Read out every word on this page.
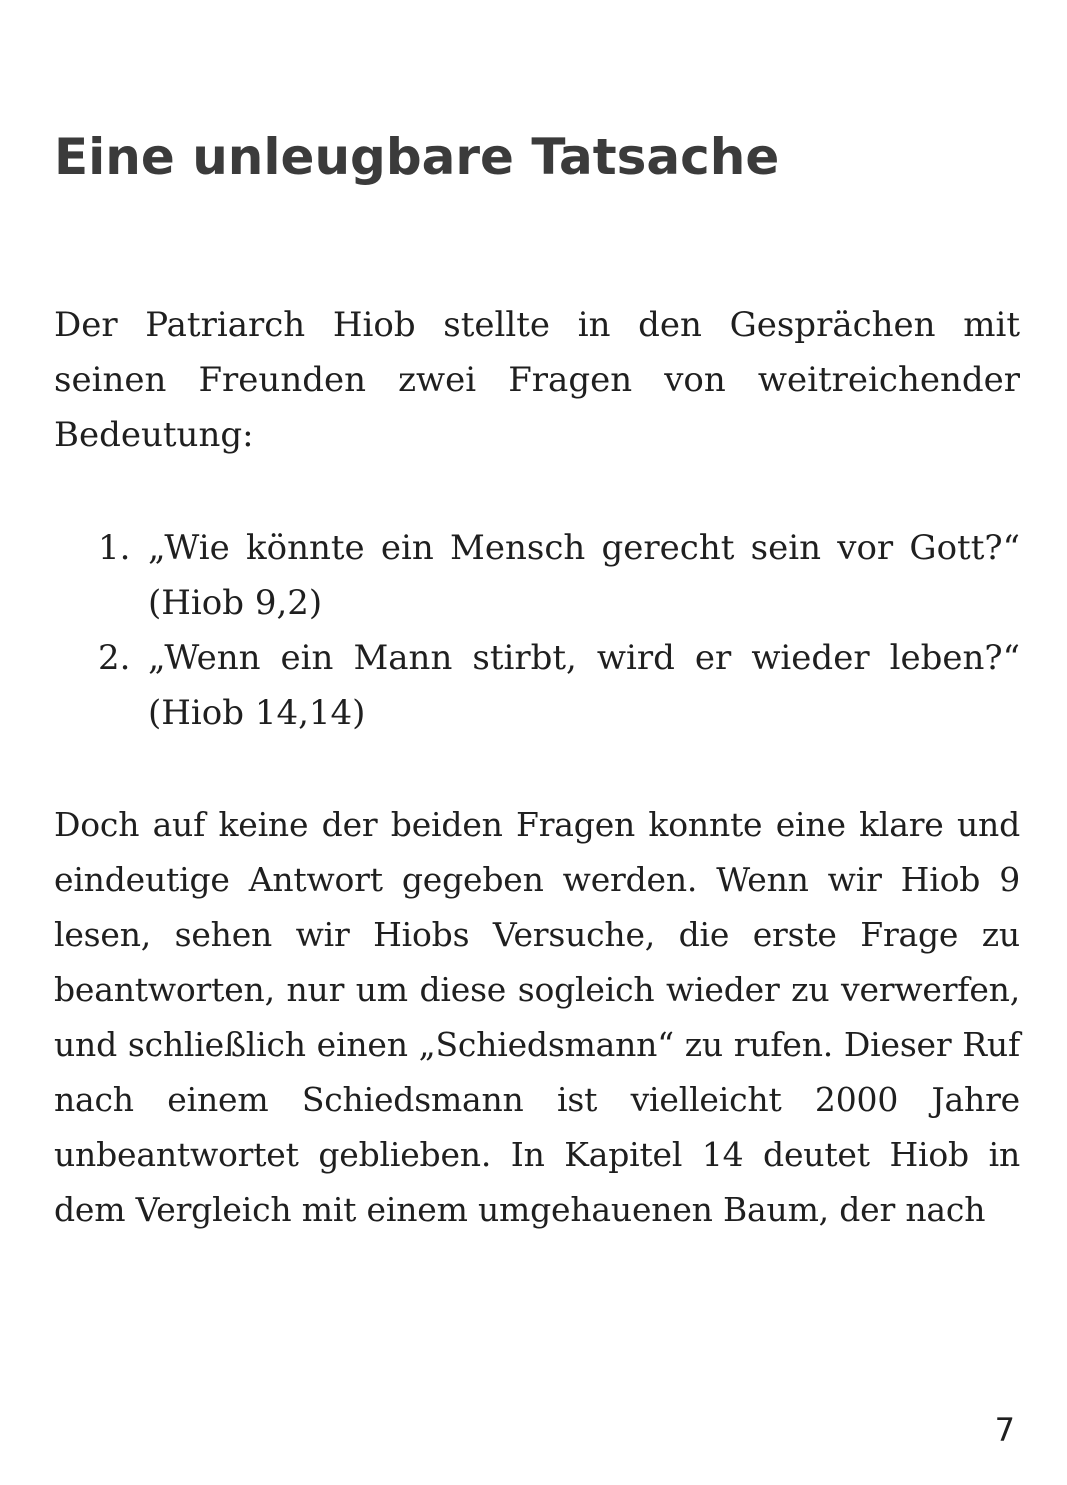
Eine unleugbare Tatsache

Der Patriarch Hiob stellte in den Gesprächen mit seinen Freunden zwei Fragen von weitreichender Bedeutung:

1. „Wie könnte ein Mensch gerecht sein vor Gott?“ (Hiob 9,2)
2. „Wenn ein Mann stirbt, wird er wieder leben?“ (Hiob 14,14)

Doch auf keine der beiden Fragen konnte eine klare und eindeutige Antwort gegeben werden. Wenn wir Hiob 9 lesen, sehen wir Hiobs Versuche, die erste Frage zu beantworten, nur um diese sogleich wieder zu verwerfen, und schließlich einen „Schiedsmann“ zu rufen. Dieser Ruf nach einem Schiedsmann ist vielleicht 2000 Jahre unbeantwortet geblieben. In Kapitel 14 deutet Hiob in dem Vergleich mit einem umgehauenen Baum, der nach

7
